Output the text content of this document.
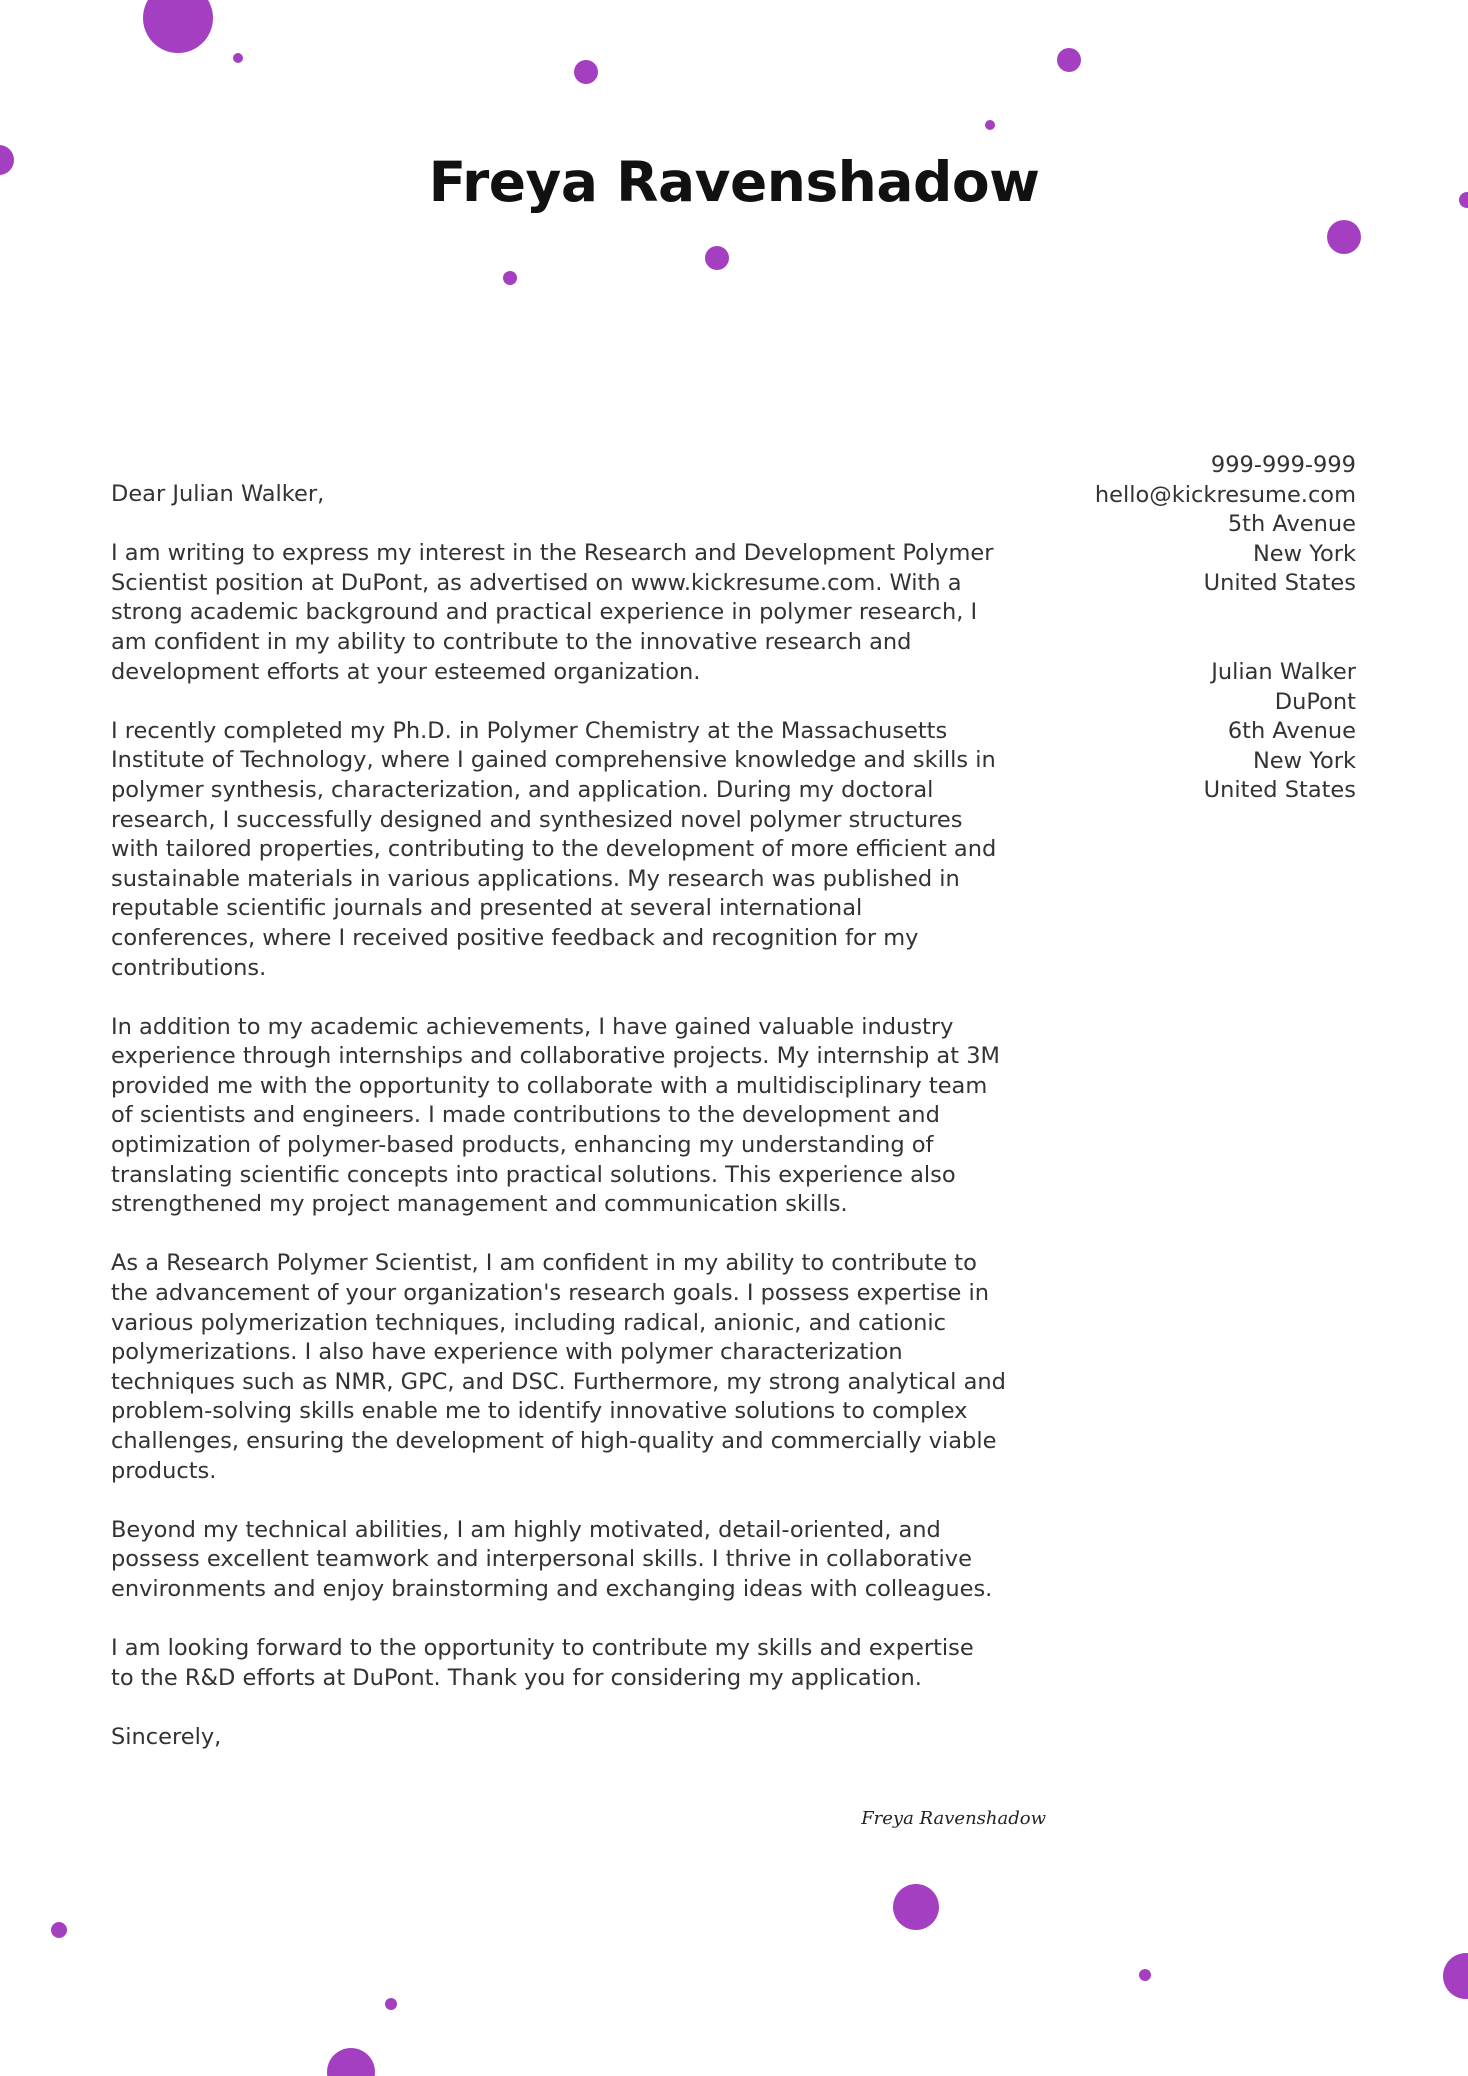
Freya Ravenshadow
999-999-999
hello@kickresume.com
5th Avenue
New York
United States
Julian Walker
DuPont
6th Avenue
New York
United States

Dear Julian Walker,

I am writing to express my interest in the Research and Development Polymer
Scientist position at DuPont, as advertised on www.kickresume.com. With a
strong academic background and practical experience in polymer research, I
am confident in my ability to contribute to the innovative research and
development efforts at your esteemed organization.

I recently completed my Ph.D. in Polymer Chemistry at the Massachusetts
Institute of Technology, where I gained comprehensive knowledge and skills in
polymer synthesis, characterization, and application. During my doctoral
research, I successfully designed and synthesized novel polymer structures
with tailored properties, contributing to the development of more efficient and
sustainable materials in various applications. My research was published in
reputable scientific journals and presented at several international
conferences, where I received positive feedback and recognition for my
contributions.

In addition to my academic achievements, I have gained valuable industry
experience through internships and collaborative projects. My internship at 3M
provided me with the opportunity to collaborate with a multidisciplinary team
of scientists and engineers. I made contributions to the development and
optimization of polymer-based products, enhancing my understanding of
translating scientific concepts into practical solutions. This experience also
strengthened my project management and communication skills.

As a Research Polymer Scientist, I am confident in my ability to contribute to
the advancement of your organization's research goals. I possess expertise in
various polymerization techniques, including radical, anionic, and cationic
polymerizations. I also have experience with polymer characterization
techniques such as NMR, GPC, and DSC. Furthermore, my strong analytical and
problem-solving skills enable me to identify innovative solutions to complex
challenges, ensuring the development of high-quality and commercially viable
products.

Beyond my technical abilities, I am highly motivated, detail-oriented, and
possess excellent teamwork and interpersonal skills. I thrive in collaborative
environments and enjoy brainstorming and exchanging ideas with colleagues.

I am looking forward to the opportunity to contribute my skills and expertise
to the R&D efforts at DuPont. Thank you for considering my application.

Sincerely,

Freya Ravenshadow
